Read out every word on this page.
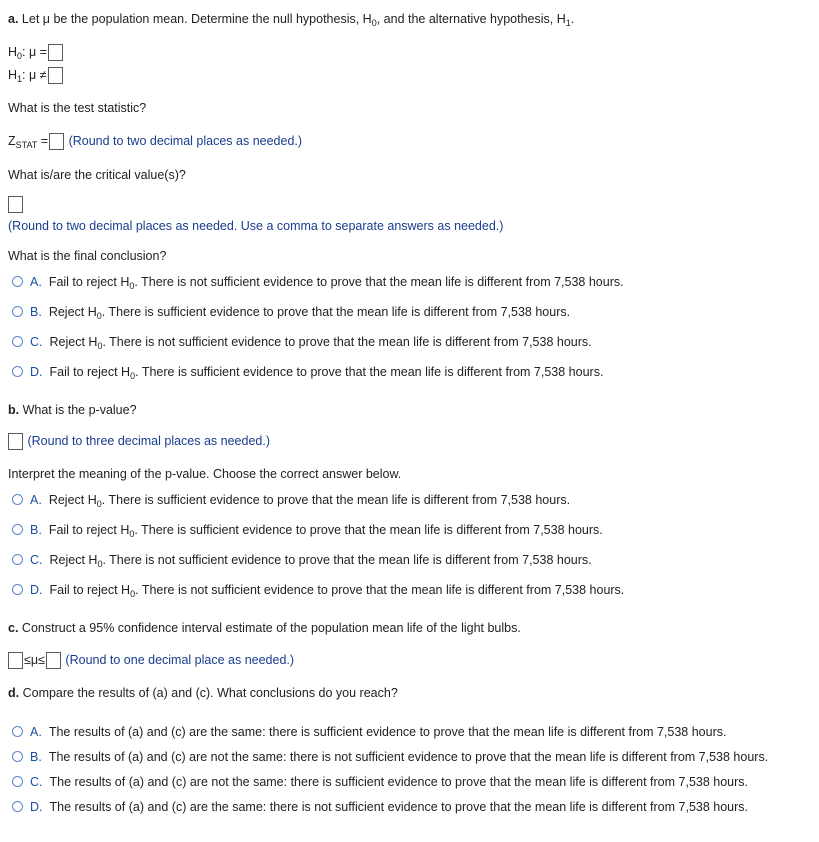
a. Let μ be the population mean. Determine the null hypothesis, $H_0$, and the alternative hypothesis, $H_1$.
$H_0$: μ =
$H_1$: μ ≠
What is the test statistic?
$Z_{STAT}$ = (Round to two decimal places as needed.)
What is/are the critical value(s)?
(Round to two decimal places as needed. Use a comma to separate answers as needed.)
What is the final conclusion?
A. Fail to reject $H_0$. There is not sufficient evidence to prove that the mean life is different from 7,538 hours.
B. Reject $H_0$. There is sufficient evidence to prove that the mean life is different from 7,538 hours.
C. Reject $H_0$. There is not sufficient evidence to prove that the mean life is different from 7,538 hours.
D. Fail to reject $H_0$. There is sufficient evidence to prove that the mean life is different from 7,538 hours.
b. What is the p-value?
(Round to three decimal places as needed.)
Interpret the meaning of the p-value. Choose the correct answer below.
A. Reject $H_0$. There is sufficient evidence to prove that the mean life is different from 7,538 hours.
B. Fail to reject $H_0$. There is sufficient evidence to prove that the mean life is different from 7,538 hours.
C. Reject $H_0$. There is not sufficient evidence to prove that the mean life is different from 7,538 hours.
D. Fail to reject $H_0$. There is not sufficient evidence to prove that the mean life is different from 7,538 hours.
c. Construct a 95% confidence interval estimate of the population mean life of the light bulbs.
≤μ≤ (Round to one decimal place as needed.)
d. Compare the results of (a) and (c). What conclusions do you reach?
A. The results of (a) and (c) are the same: there is sufficient evidence to prove that the mean life is different from 7,538 hours.
B. The results of (a) and (c) are not the same: there is not sufficient evidence to prove that the mean life is different from 7,538 hours.
C. The results of (a) and (c) are not the same: there is sufficient evidence to prove that the mean life is different from 7,538 hours.
D. The results of (a) and (c) are the same: there is not sufficient evidence to prove that the mean life is different from 7,538 hours.
